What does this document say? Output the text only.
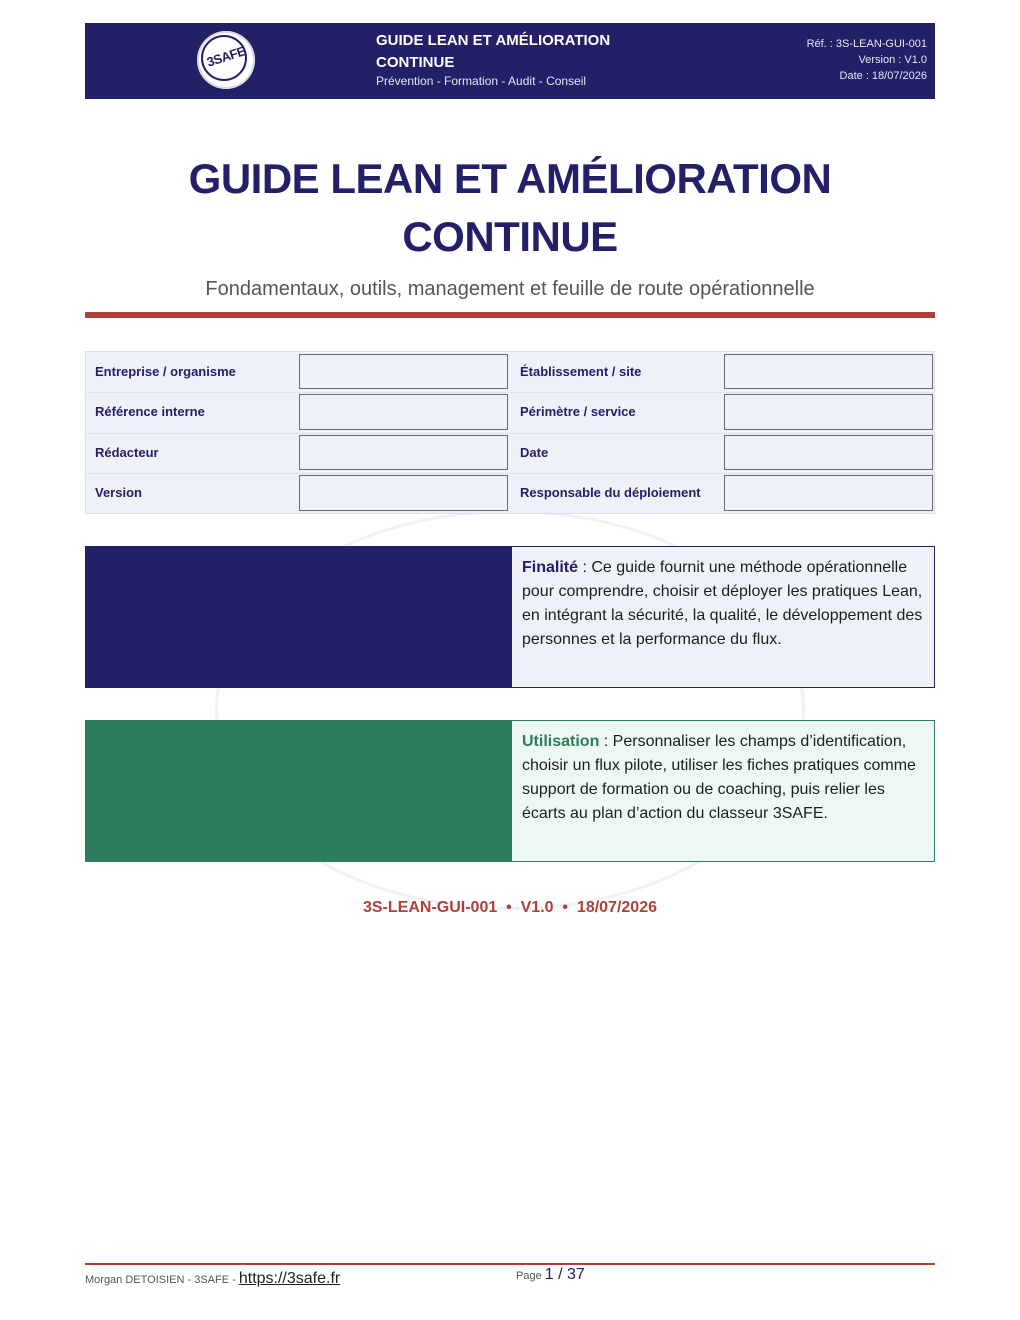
3SAFE
GUIDE LEAN ET AMÉLIORATION CONTINUE
Prévention - Formation - Audit - Conseil
Réf. : 3S-LEAN-GUI-001
Version : V1.0
Date : 18/07/2026
GUIDE LEAN ET AMÉLIORATION
CONTINUE
Fondamentaux, outils, management et feuille de route opérationnelle
Entreprise / organisme	Établissement / site
Référence interne	Périmètre / service
Rédacteur	Date
Version	Responsable du déploiement
Finalité : Ce guide fournit une méthode opérationnelle pour comprendre, choisir et déployer les pratiques Lean, en intégrant la sécurité, la qualité, le développement des personnes et la performance du flux.
Utilisation : Personnaliser les champs d’identification, choisir un flux pilote, utiliser les fiches pratiques comme support de formation ou de coaching, puis relier les écarts au plan d’action du classeur 3SAFE.
3S-LEAN-GUI-001  •  V1.0  •  18/07/2026
Morgan DETOISIEN - 3SAFE - https://3safe.fr	Page 1 / 37
